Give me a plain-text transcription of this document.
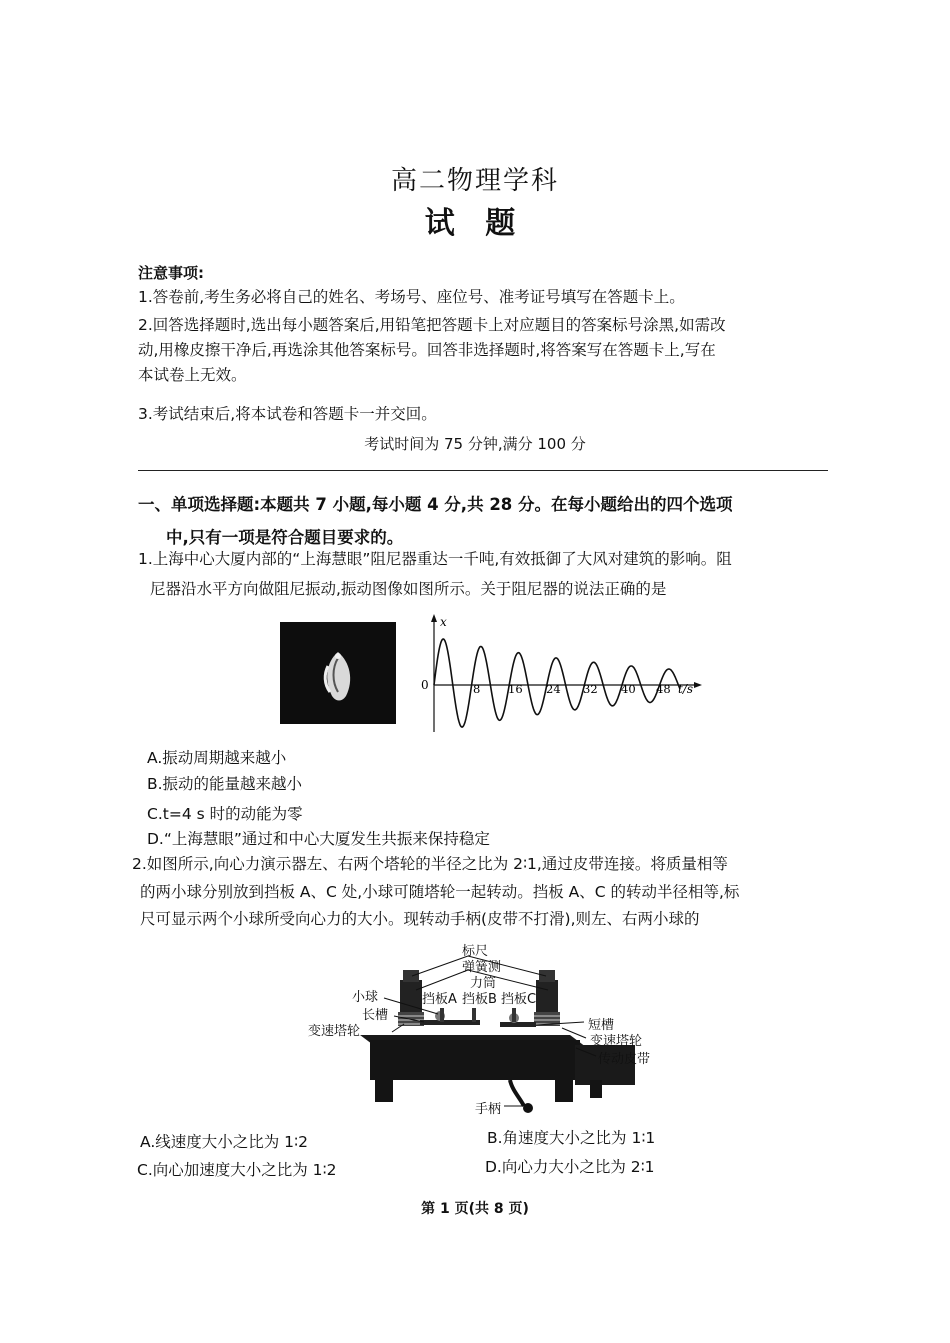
高二物理学科
试 题
注意事项:
1.答卷前,考生务必将自己的姓名、考场号、座位号、准考证号填写在答题卡上。
2.回答选择题时,选出每小题答案后,用铅笔把答题卡上对应题目的答案标号涂黑,如需改
动,用橡皮擦干净后,再选涂其他答案标号。回答非选择题时,将答案写在答题卡上,写在
本试卷上无效。
3.考试结束后,将本试卷和答题卡一并交回。
考试时间为 75 分钟,满分 100 分
一、单项选择题:本题共 7 小题,每小题 4 分,共 28 分。在每小题给出的四个选项
中,只有一项是符合题目要求的。
1.上海中心大厦内部的“上海慧眼”阻尼器重达一千吨,有效抵御了大风对建筑的影响。阻
尼器沿水平方向做阻尼振动,振动图像如图所示。关于阻尼器的说法正确的是
x
0	8 16 24 32 40 48 t/s
A.振动周期越来越小
B.振动的能量越来越小
C.t=4 s 时的动能为零
D.“上海慧眼”通过和中心大厦发生共振来保持稳定
2.如图所示,向心力演示器左、右两个塔轮的半径之比为 2∶1,通过皮带连接。将质量相等
的两小球分别放到挡板 A、C 处,小球可随塔轮一起转动。挡板 A、C 的转动半径相等,标
尺可显示两个小球所受向心力的大小。现转动手柄(皮带不打滑),则左、右两小球的
标尺
弹簧测
力筒
小球	挡板A 挡板B 挡板C
长槽
变速塔轮	短槽
变速塔轮
传动皮带
手柄
A.线速度大小之比为 1∶2	B.角速度大小之比为 1∶1
C.向心加速度大小之比为 1∶2	D.向心力大小之比为 2∶1
第 1 页(共 8 页)
